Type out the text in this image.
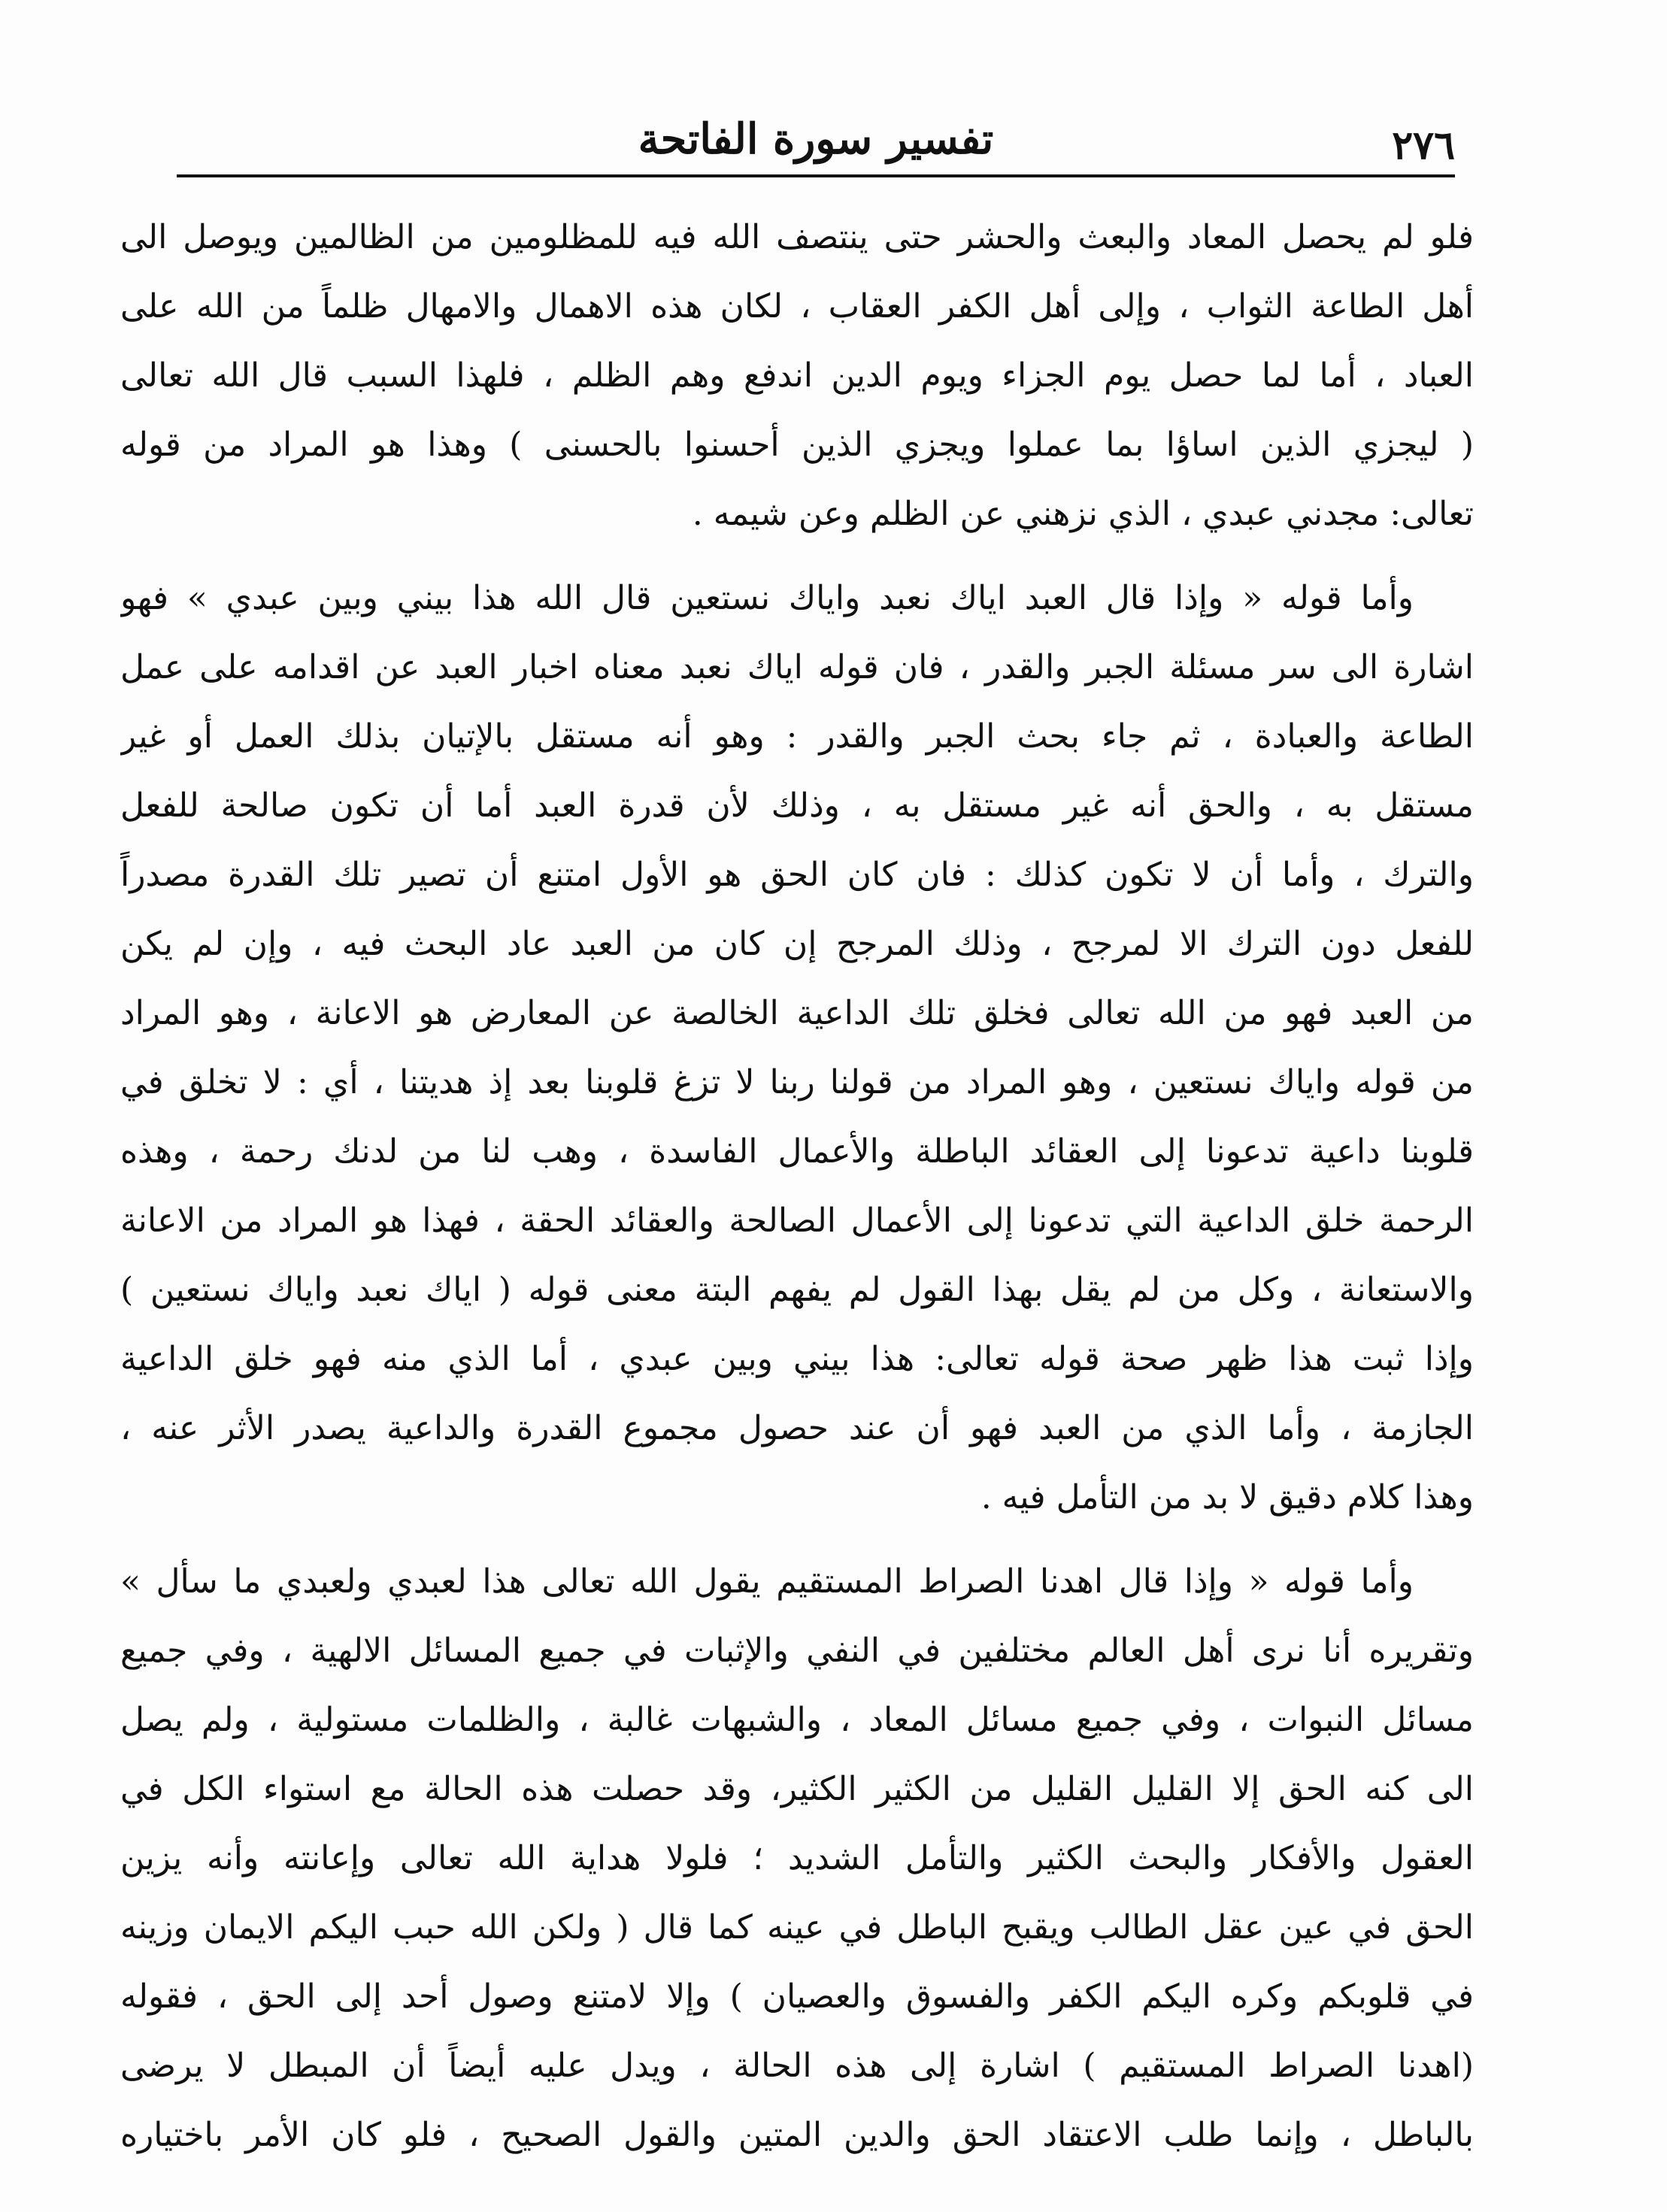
٢٧٦
تفسير سورة الفاتحة
فلو لم يحصل المعاد والبعث والحشر حتى ينتصف الله فيه للمظلومين من الظالمين ويوصل الى
أهل الطاعة الثواب ، وإلى أهل الكفر العقاب ، لكان هذه الاهمال والامهال ظلماً من الله على
العباد ، أما لما حصل يوم الجزاء ويوم الدين اندفع وهم الظلم ، فلهذا السبب قال الله تعالى
( ليجزي الذين اساؤا بما عملوا ويجزي الذين أحسنوا بالحسنى ) وهذا هو المراد من قوله
تعالى: مجدني عبدي ، الذي نزهني عن الظلم وعن شيمه .
وأما قوله « وإذا قال العبد اياك نعبد واياك نستعين قال الله هذا بيني وبين عبدي » فهو
اشارة الى سر مسئلة الجبر والقدر ، فان قوله اياك نعبد معناه اخبار العبد عن اقدامه على عمل
الطاعة والعبادة ، ثم جاء بحث الجبر والقدر : وهو أنه مستقل بالإتيان بذلك العمل أو غير
مستقل به ، والحق أنه غير مستقل به ، وذلك لأن قدرة العبد أما أن تكون صالحة للفعل
والترك ، وأما أن لا تكون كذلك : فان كان الحق هو الأول امتنع أن تصير تلك القدرة مصدراً
للفعل دون الترك الا لمرجح ، وذلك المرجح إن كان من العبد عاد البحث فيه ، وإن لم يكن
من العبد فهو من الله تعالى فخلق تلك الداعية الخالصة عن المعارض هو الاعانة ، وهو المراد
من قوله واياك نستعين ، وهو المراد من قولنا ربنا لا تزغ قلوبنا بعد إذ هديتنا ، أي : لا تخلق في
قلوبنا داعية تدعونا إلى العقائد الباطلة والأعمال الفاسدة ، وهب لنا من لدنك رحمة ، وهذه
الرحمة خلق الداعية التي تدعونا إلى الأعمال الصالحة والعقائد الحقة ، فهذا هو المراد من الاعانة
والاستعانة ، وكل من لم يقل بهذا القول لم يفهم البتة معنى قوله ( اياك نعبد واياك نستعين )
وإذا ثبت هذا ظهر صحة قوله تعالى: هذا بيني وبين عبدي ، أما الذي منه فهو خلق الداعية
الجازمة ، وأما الذي من العبد فهو أن عند حصول مجموع القدرة والداعية يصدر الأثر عنه ،
وهذا كلام دقيق لا بد من التأمل فيه .
وأما قوله « وإذا قال اهدنا الصراط المستقيم يقول الله تعالى هذا لعبدي ولعبدي ما سأل »
وتقريره أنا نرى أهل العالم مختلفين في النفي والإثبات في جميع المسائل الالهية ، وفي جميع
مسائل النبوات ، وفي جميع مسائل المعاد ، والشبهات غالبة ، والظلمات مستولية ، ولم يصل
الى كنه الحق إلا القليل القليل من الكثير الكثير، وقد حصلت هذه الحالة مع استواء الكل في
العقول والأفكار والبحث الكثير والتأمل الشديد ؛ فلولا هداية الله تعالى وإعانته وأنه يزين
الحق في عين عقل الطالب ويقبح الباطل في عينه كما قال ( ولكن الله حبب اليكم الايمان وزينه
في قلوبكم وكره اليكم الكفر والفسوق والعصيان ) وإلا لامتنع وصول أحد إلى الحق ، فقوله
(اهدنا الصراط المستقيم ) اشارة إلى هذه الحالة ، ويدل عليه أيضاً أن المبطل لا يرضى
بالباطل ، وإنما طلب الاعتقاد الحق والدين المتين والقول الصحيح ، فلو كان الأمر باختياره
